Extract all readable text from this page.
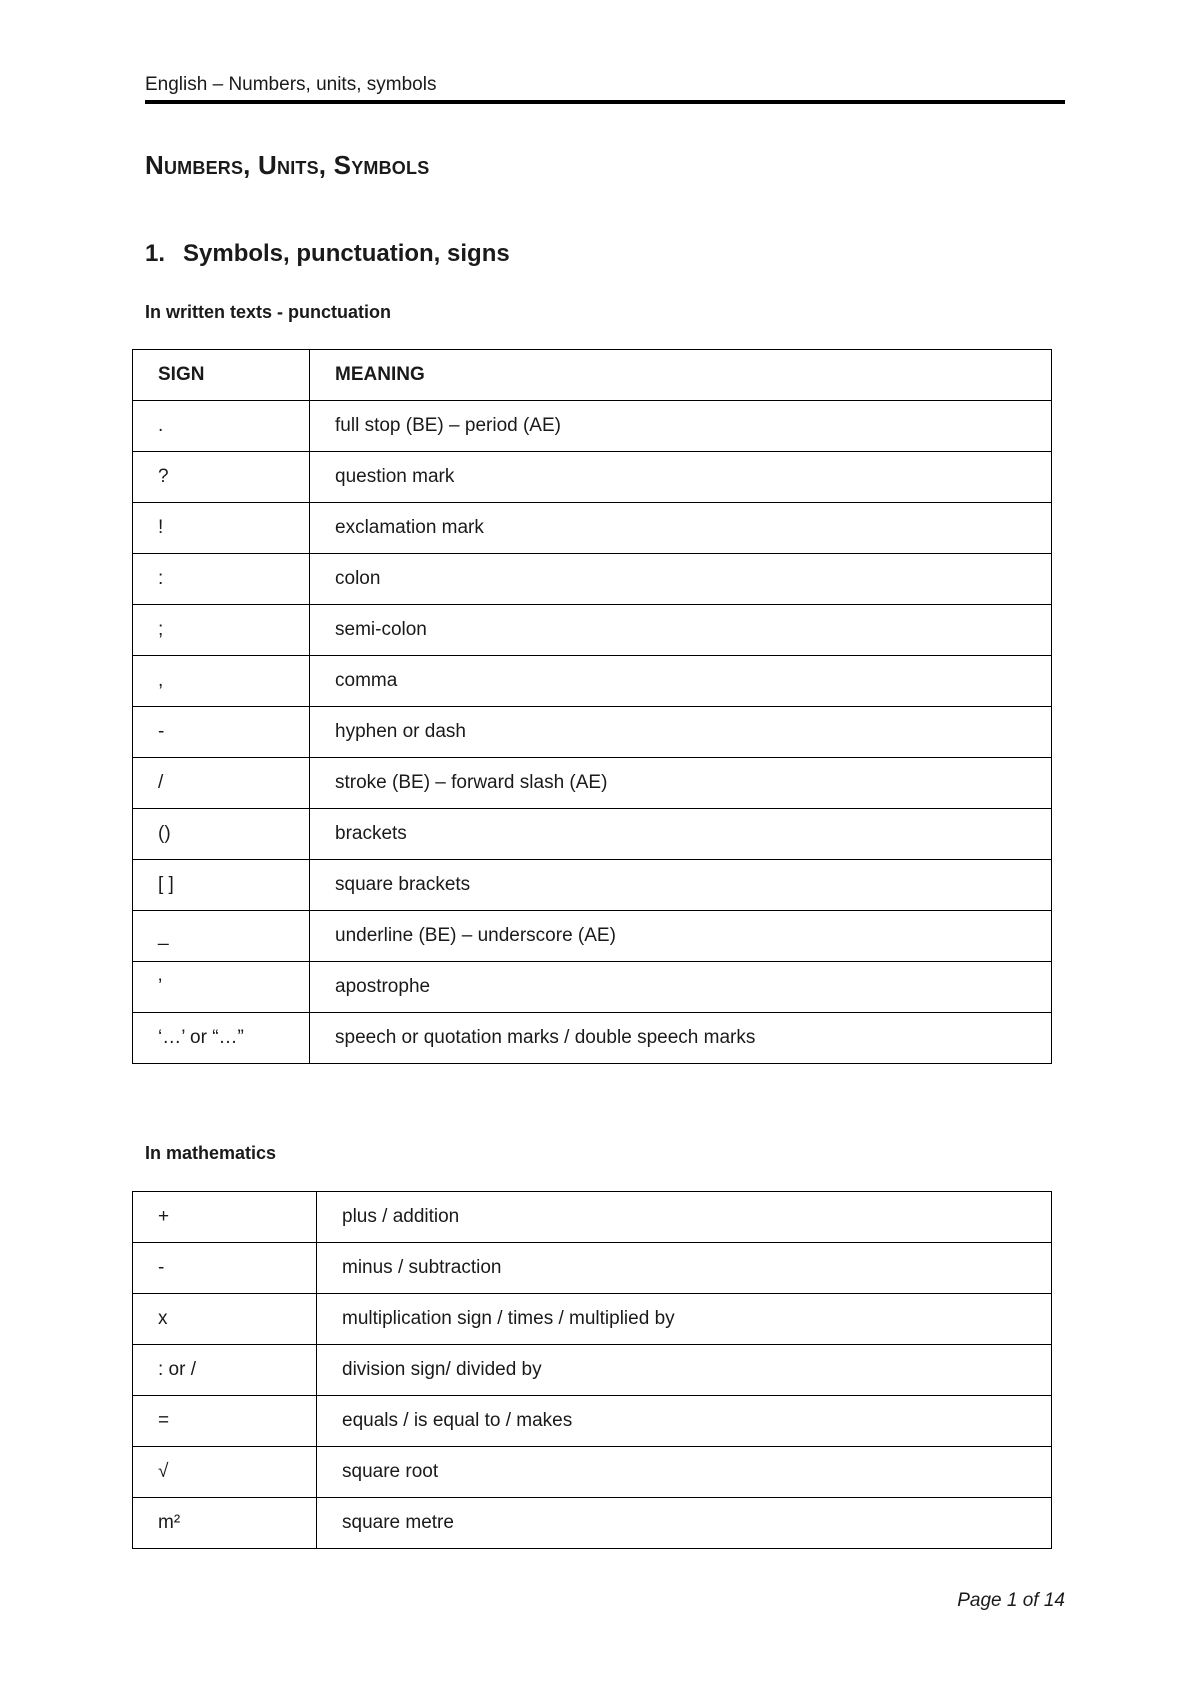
English – Numbers, units, symbols
Numbers, Units, Symbols
1. Symbols, punctuation, signs
In written texts - punctuation
SIGN	MEANING
.	full stop (BE) – period (AE)
?	question mark
!	exclamation mark
:	colon
;	semi-colon
,	comma
-	hyphen or dash
/	stroke (BE) – forward slash (AE)
()	brackets
[ ]	square brackets
_	underline (BE) – underscore (AE)
’	apostrophe
‘…’ or “…”	speech or quotation marks / double speech marks
In mathematics
+	plus / addition
-	minus / subtraction
x	multiplication sign / times / multiplied by
: or /	division sign/ divided by
=	equals / is equal to / makes
√	square root
m²	square metre
Page 1 of 14
